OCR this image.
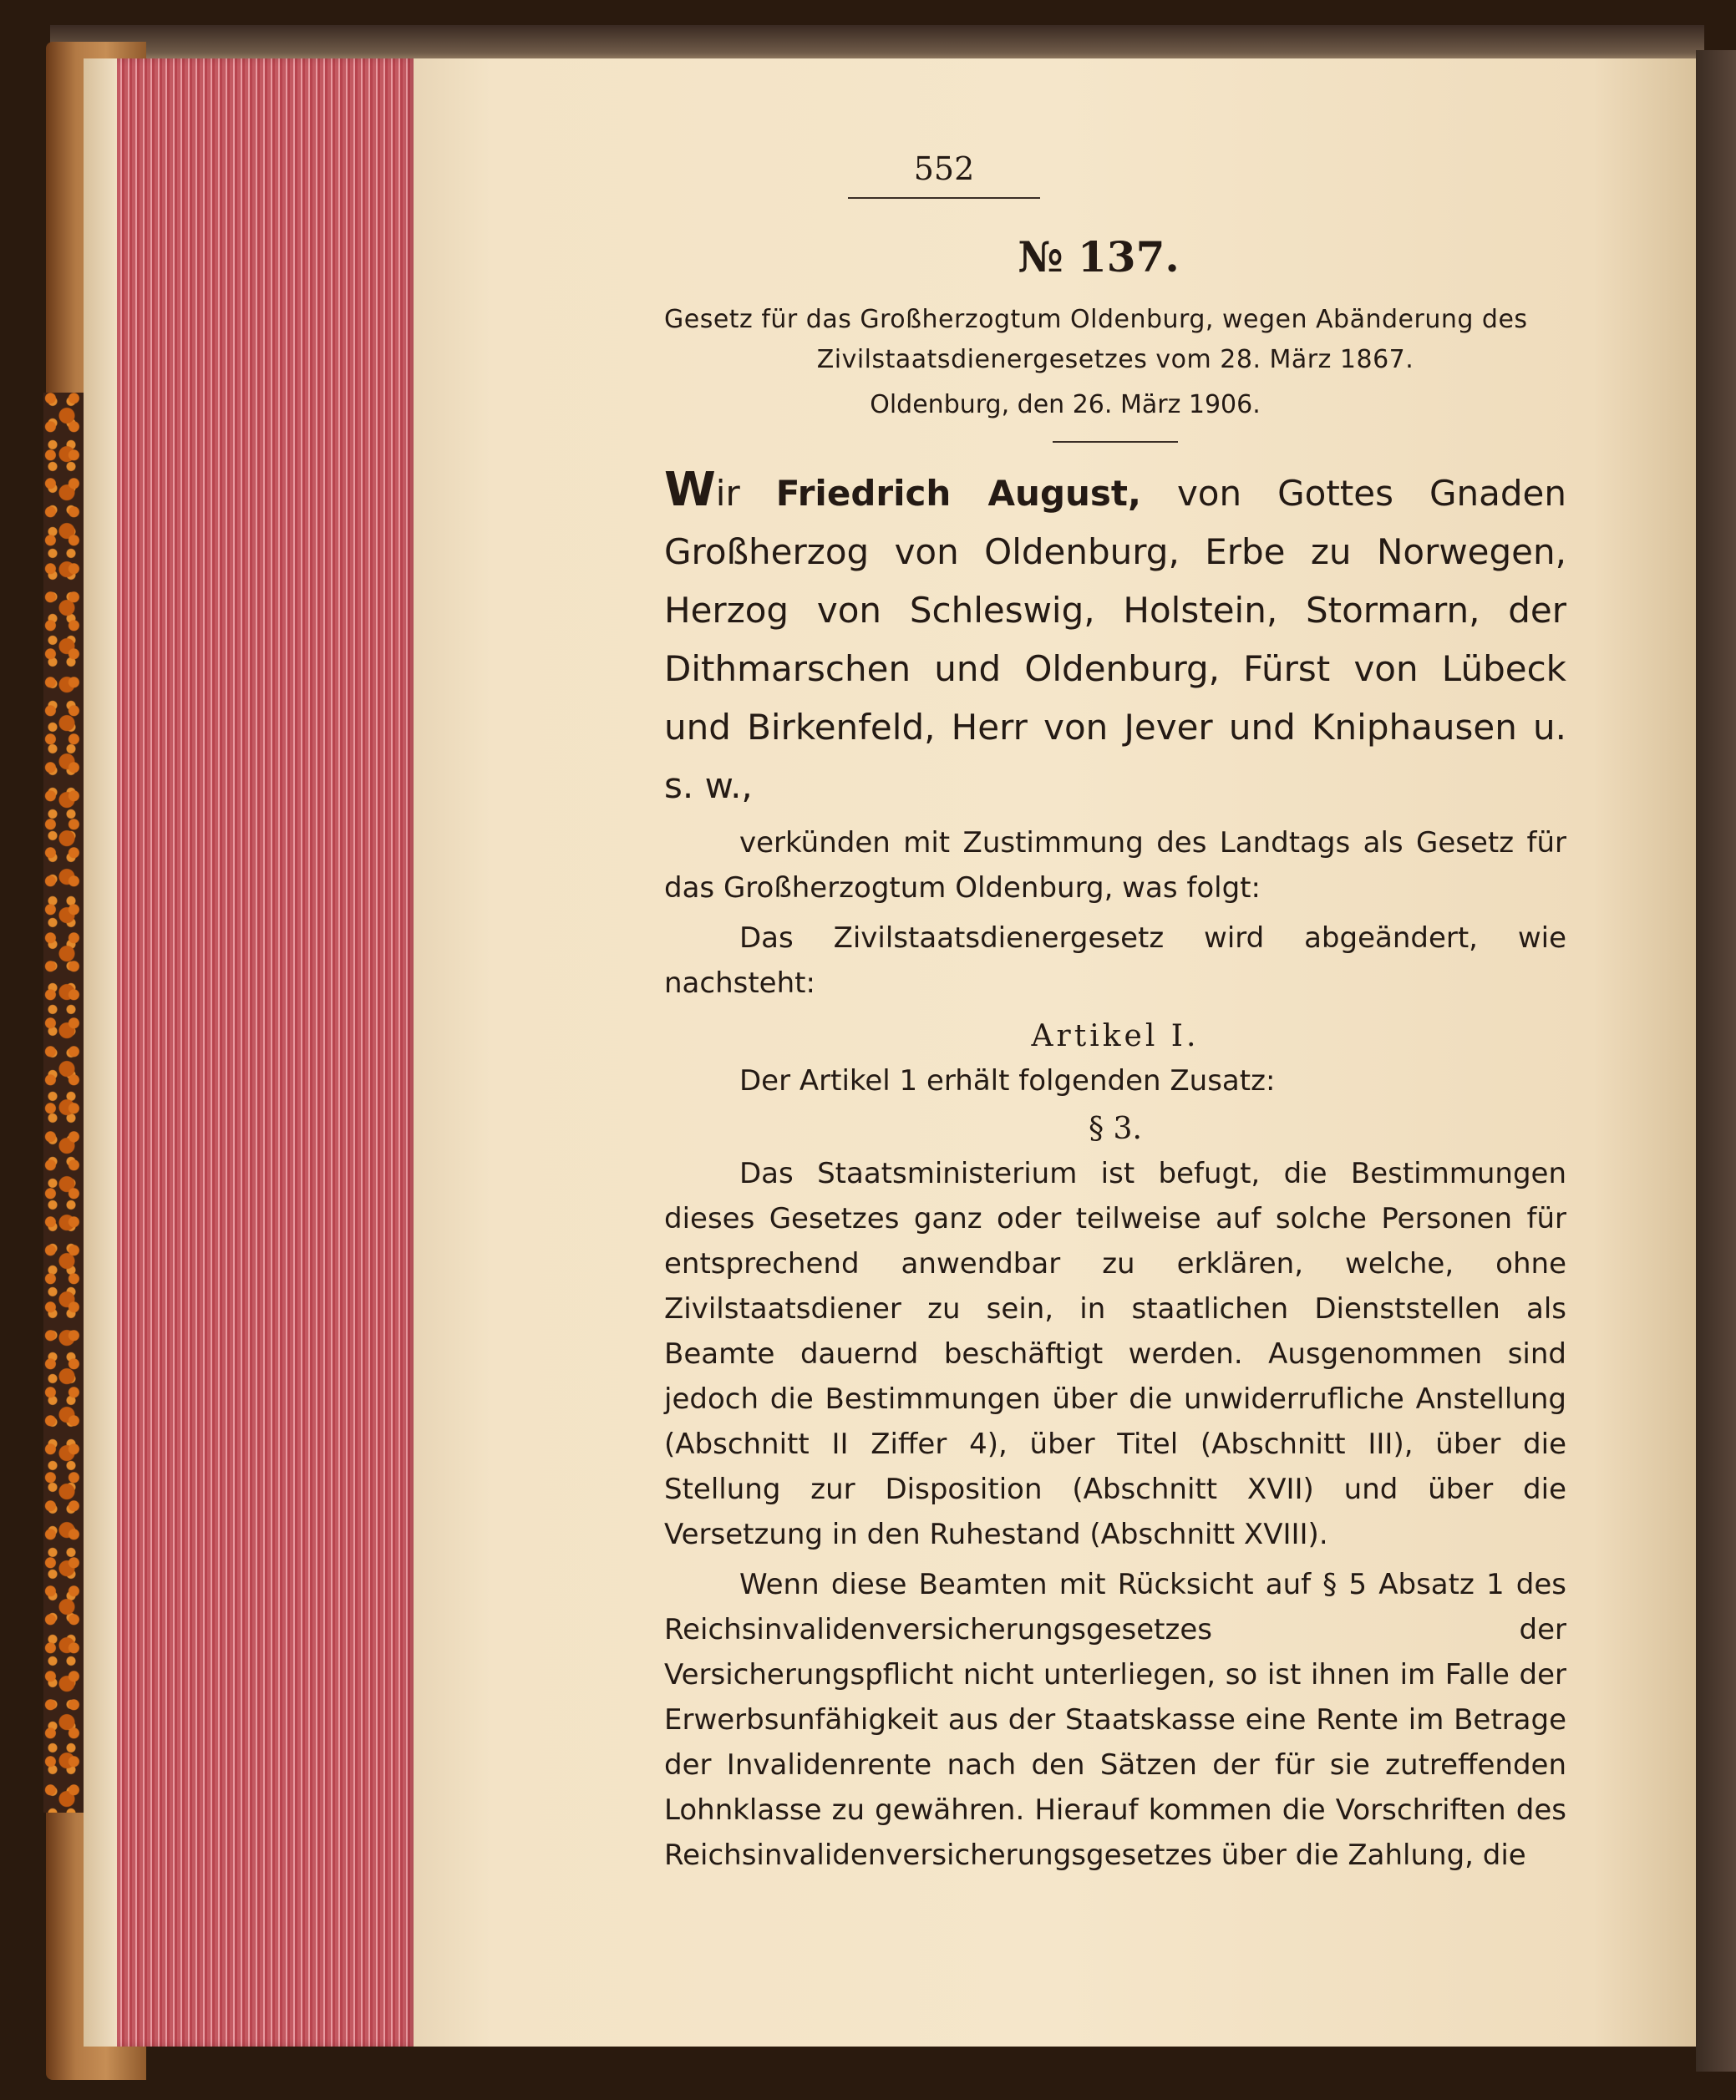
552
№ 137.
Gesetz für das Großherzogtum Oldenburg, wegen Abänderung des
Zivilstaatsdienergesetzes vom 28. März 1867.
Oldenburg, den 26. März 1906.

Wir Friedrich August, von Gottes Gnaden Großherzog von Oldenburg, Erbe zu Norwegen, Herzog von Schleswig, Holstein, Stormarn, der Dithmarschen und Oldenburg, Fürst von Lübeck und Birkenfeld, Herr von Jever und Kniphausen u. s. w.,

verkünden mit Zustimmung des Landtags als Gesetz für das Großherzogtum Oldenburg, was folgt:

Das Zivilstaatsdienergesetz wird abgeändert, wie nachsteht:

Artikel I.

Der Artikel 1 erhält folgenden Zusatz:

§ 3.

Das Staatsministerium ist befugt, die Bestimmungen dieses Gesetzes ganz oder teilweise auf solche Personen für entsprechend anwendbar zu erklären, welche, ohne Zivilstaatsdiener zu sein, in staatlichen Dienststellen als Beamte dauernd beschäftigt werden. Ausgenommen sind jedoch die Bestimmungen über die unwiderrufliche Anstellung (Abschnitt II Ziffer 4), über Titel (Abschnitt III), über die Stellung zur Disposition (Abschnitt XVII) und über die Versetzung in den Ruhestand (Abschnitt XVIII).

Wenn diese Beamten mit Rücksicht auf § 5 Absatz 1 des Reichsinvalidenversicherungsgesetzes der Versicherungspflicht nicht unterliegen, so ist ihnen im Falle der Erwerbsunfähigkeit aus der Staatskasse eine Rente im Betrage der Invalidenrente nach den Sätzen der für sie zutreffenden Lohnklasse zu gewähren. Hierauf kommen die Vorschriften des Reichsinvalidenversicherungsgesetzes über die Zahlung, die
